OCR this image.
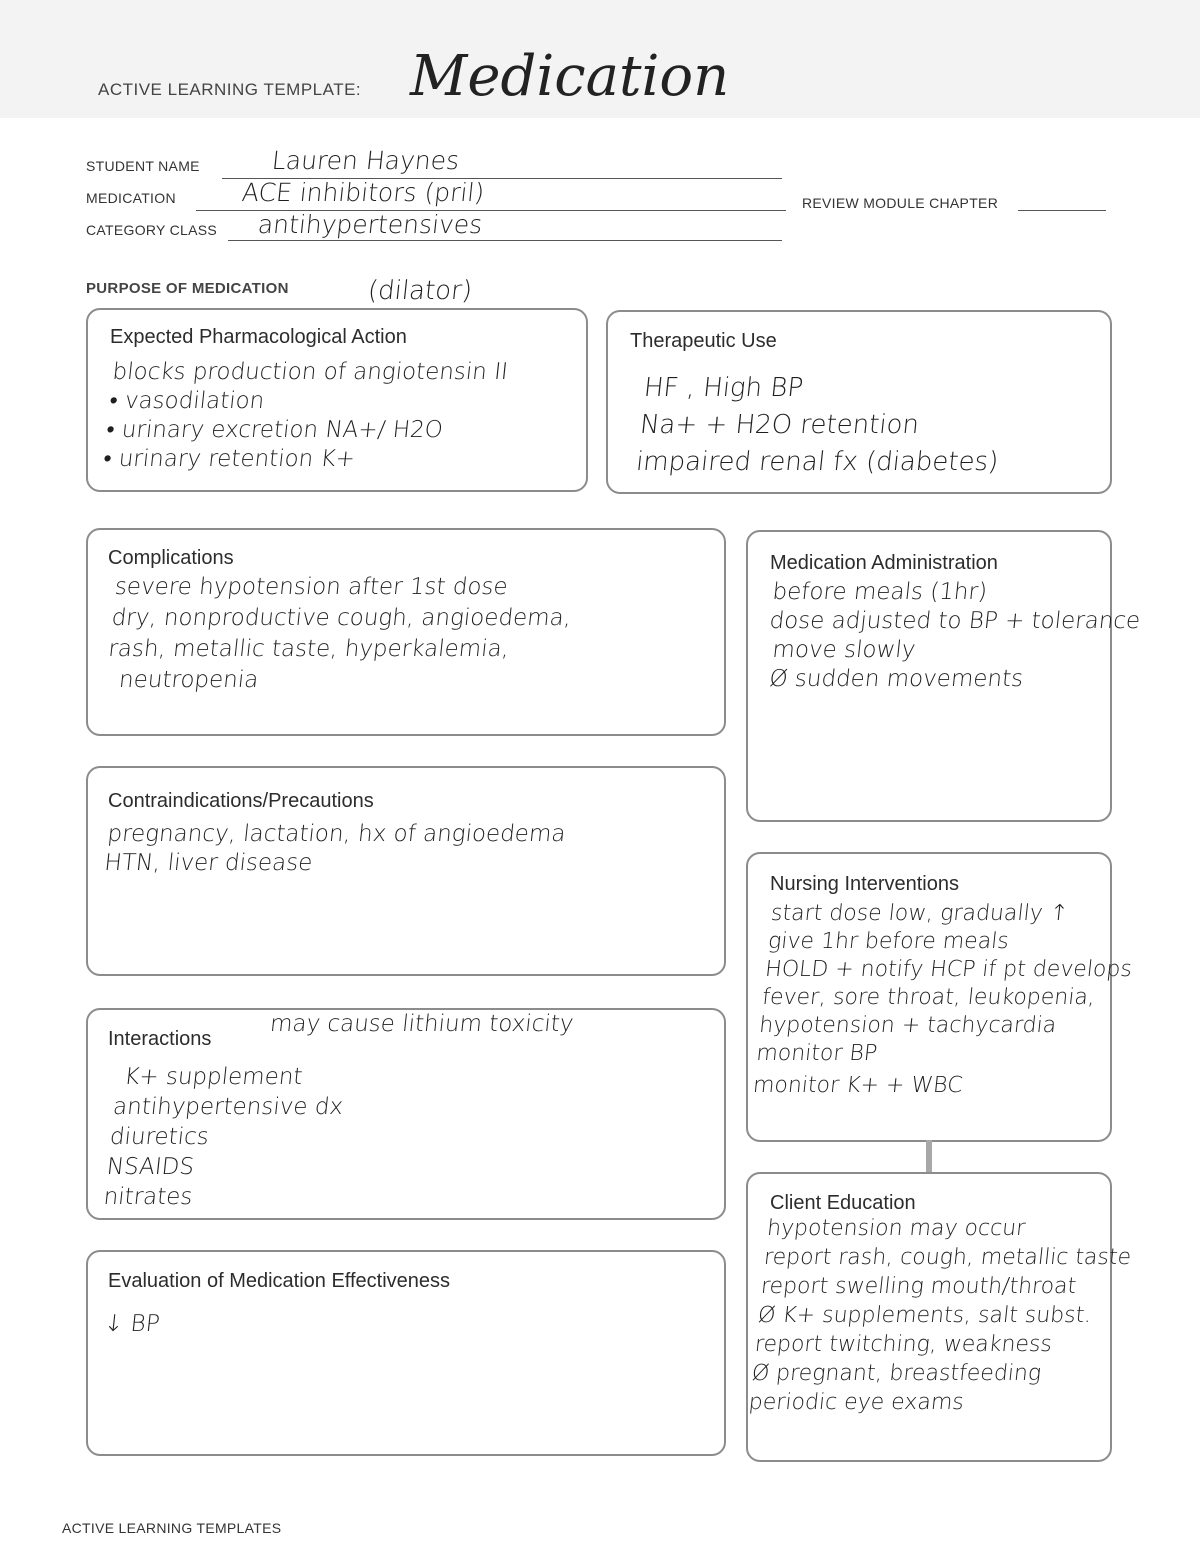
ACTIVE LEARNING TEMPLATE: Medication
STUDENT NAME	Lauren Haynes
MEDICATION	ACE inhibitors (pril)	REVIEW MODULE CHAPTER
CATEGORY CLASS antihypertensives
PURPOSE OF MEDICATION	(dilator)
Expected Pharmacological Action
blocks production of angiotensin II
• vasodilation
• urinary excretion NA+/ H2O
• urinary retention K+
Therapeutic Use
HF , High BP
Na+ + H2O retention
impaired renal fx (diabetes)
Complications
severe hypotension after 1st dose
dry, nonproductive cough, angioedema,
rash, metallic taste, hyperkalemia,
neutropenia
Medication Administration
before meals (1hr)
dose adjusted to BP + tolerance
move slowly
Ø sudden movements
Contraindications/Precautions
pregnancy, lactation, hx of angioedema
HTN, liver disease
Nursing Interventions
start dose low, gradually ↑
give 1hr before meals
HOLD + notify HCP if pt develops
fever, sore throat, leukopenia,
hypotension + tachycardia
monitor BP
monitor K+ + WBC
Interactions
may cause lithium toxicity
K+ supplement
antihypertensive dx
diuretics
NSAIDS
nitrates	Client Education
hypotension may occur
report rash, cough, metallic taste
report swelling mouth/throat
Ø K+ supplements, salt subst.
report twitching, weakness
Ø pregnant, breastfeeding
periodic eye exams
Evaluation of Medication Effectiveness
↓ BP
ACTIVE LEARNING TEMPLATES
